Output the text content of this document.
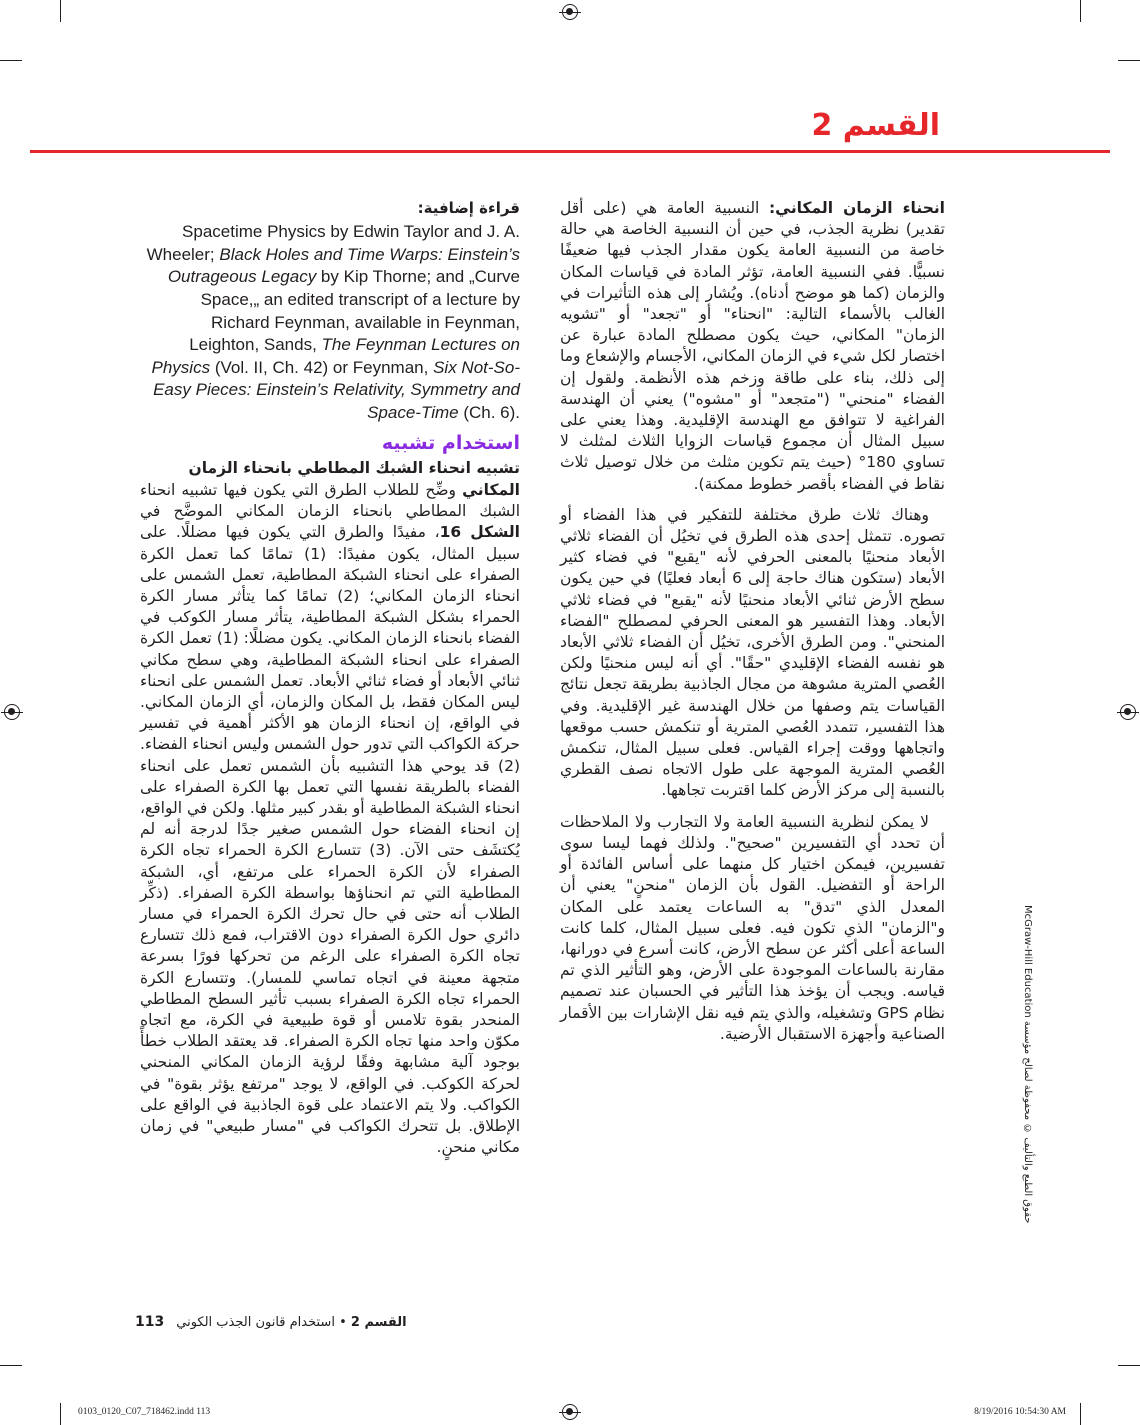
القسم 2

انحناء الزمان المكاني: النسبية العامة هي (على أقل تقدير) نظرية الجذب، في حين أن النسبية الخاصة هي حالة خاصة من النسبية العامة يكون مقدار الجذب فيها ضعيفًا نسبيًّا. ففي النسبية العامة، تؤثر المادة في قياسات المكان والزمان (كما هو موضح أدناه). ويُشار إلى هذه التأثيرات في الغالب بالأسماء التالية: "انحناء" أو "تجعد" أو "تشويه الزمان" المكاني، حيث يكون مصطلح المادة عبارة عن اختصار لكل شيء في الزمان المكاني، الأجسام والإشعاع وما إلى ذلك، بناء على طاقة وزخم هذه الأنظمة. ولقول إن الفضاء "منحني" ("متجعد" أو "مشوه") يعني أن الهندسة الفراغية لا تتوافق مع الهندسة الإقليدية. وهذا يعني على سبيل المثال أن مجموع قياسات الزوايا الثلاث لمثلث لا تساوي 180° (حيث يتم تكوين مثلث من خلال توصيل ثلاث نقاط في الفضاء بأقصر خطوط ممكنة).

وهناك ثلاث طرق مختلفة للتفكير في هذا الفضاء أو تصوره. تتمثل إحدى هذه الطرق في تخيُل أن الفضاء ثلاثي الأبعاد منحنيًا بالمعنى الحرفي لأنه "يقبع" في فضاء كثير الأبعاد (ستكون هناك حاجة إلى 6 أبعاد فعليًا) في حين يكون سطح الأرض ثنائي الأبعاد منحنيًا لأنه "يقبع" في فضاء ثلاثي الأبعاد. وهذا التفسير هو المعنى الحرفي لمصطلح "الفضاء المنحني". ومن الطرق الأخرى، تخيُل أن الفضاء ثلاثي الأبعاد هو نفسه الفضاء الإقليدي "حقًا". أي أنه ليس منحنيًا ولكن العُصي المترية مشوهة من مجال الجاذبية بطريقة تجعل نتائج القياسات يتم وصفها من خلال الهندسة غير الإقليدية. وفي هذا التفسير، تتمدد العُصي المترية أو تنكمش حسب موقعها واتجاهها ووقت إجراء القياس. فعلى سبيل المثال، تنكمش العُصي المترية الموجهة على طول الاتجاه نصف القطري بالنسبة إلى مركز الأرض كلما اقتربت تجاهها.

لا يمكن لنظرية النسبية العامة ولا التجارب ولا الملاحظات أن تحدد أي التفسيرين "صحيح". ولذلك فهما ليسا سوى تفسيرين، فيمكن اختيار كل منهما على أساس الفائدة أو الراحة أو التفضيل. القول بأن الزمان "منحنٍ" يعني أن المعدل الذي "تدق" به الساعات يعتمد على المكان و"الزمان" الذي تكون فيه. فعلى سبيل المثال، كلما كانت الساعة أعلى أكثر عن سطح الأرض، كانت أسرع في دورانها، مقارنة بالساعات الموجودة على الأرض، وهو التأثير الذي تم قياسه. ويجب أن يؤخذ هذا التأثير في الحسبان عند تصميم نظام GPS وتشغيله، والذي يتم فيه نقل الإشارات بين الأقمار الصناعية وأجهزة الاستقبال الأرضية.

قراءة إضافية:
Spacetime Physics by Edwin Taylor and J. A. Wheeler; Black Holes and Time Warps: Einstein’s Outrageous Legacy by Kip Thorne; and „Curve Space,„ an edited transcript of a lecture by Richard Feynman, available in Feynman, Leighton, Sands, The Feynman Lectures on Physics (Vol. II, Ch. 42) or Feynman, Six Not-So-Easy Pieces: Einstein’s Relativity, Symmetry and Space-Time (Ch. 6).
استخدام تشبيه
تشبيه انحناء الشبك المطاطي بانحناء الزمان

المكاني وضِّح للطلاب الطرق التي يكون فيها تشبيه انحناء الشبك المطاطي بانحناء الزمان المكاني الموضَّح في الشكل 16، مفيدًا والطرق التي يكون فيها مضللًا. على سبيل المثال، يكون مفيدًا: (1) تمامًا كما تعمل الكرة الصفراء على انحناء الشبكة المطاطية، تعمل الشمس على انحناء الزمان المكاني؛ (2) تمامًا كما يتأثر مسار الكرة الحمراء بشكل الشبكة المطاطية، يتأثر مسار الكوكب في الفضاء بانحناء الزمان المكاني. يكون مضللًا: (1) تعمل الكرة الصفراء على انحناء الشبكة المطاطية، وهي سطح مكاني ثنائي الأبعاد أو فضاء ثنائي الأبعاد. تعمل الشمس على انحناء ليس المكان فقط، بل المكان والزمان، أي الزمان المكاني. في الواقع، إن انحناء الزمان هو الأكثر أهمية في تفسير حركة الكواكب التي تدور حول الشمس وليس انحناء الفضاء. (2) قد يوحي هذا التشبيه بأن الشمس تعمل على انحناء الفضاء بالطريقة نفسها التي تعمل بها الكرة الصفراء على انحناء الشبكة المطاطية أو بقدر كبير مثلها. ولكن في الواقع، إن انحناء الفضاء حول الشمس صغير جدًا لدرجة أنه لم يُكتشَف حتى الآن. (3) تتسارع الكرة الحمراء تجاه الكرة الصفراء لأن الكرة الحمراء على مرتفع، أي، الشبكة المطاطية التي تم انحناؤها بواسطة الكرة الصفراء. (ذكِّر الطلاب أنه حتى في حال تحرك الكرة الحمراء في مسار دائري حول الكرة الصفراء دون الاقتراب، فمع ذلك تتسارع تجاه الكرة الصفراء على الرغم من تحركها فورًا بسرعة متجهة معينة في اتجاه تماسي للمسار). وتتسارع الكرة الحمراء تجاه الكرة الصفراء بسبب تأثير السطح المطاطي المنحدر بقوة تلامس أو قوة طبيعية في الكرة، مع اتجاه مكوّن واحد منها تجاه الكرة الصفراء. قد يعتقد الطلاب خطأً بوجود آلية مشابهة وفقًا لرؤية الزمان المكاني المنحني لحركة الكوكب. في الواقع، لا يوجد "مرتفع يؤثر بقوة" في الكواكب. ولا يتم الاعتماد على قوة الجاذبية في الواقع على الإطلاق. بل تتحرك الكواكب في "مسار طبيعي" في زمان مكاني منحنٍ.

حقوق الطبع والتأليف © محفوظة لصالح مؤسسة McGraw-Hill Education
القسم 2 • استخدام قانون الجذب الكوني
113
0103_0120_C07_718462.indd 113	8/19/2016 10:54:30 AM
